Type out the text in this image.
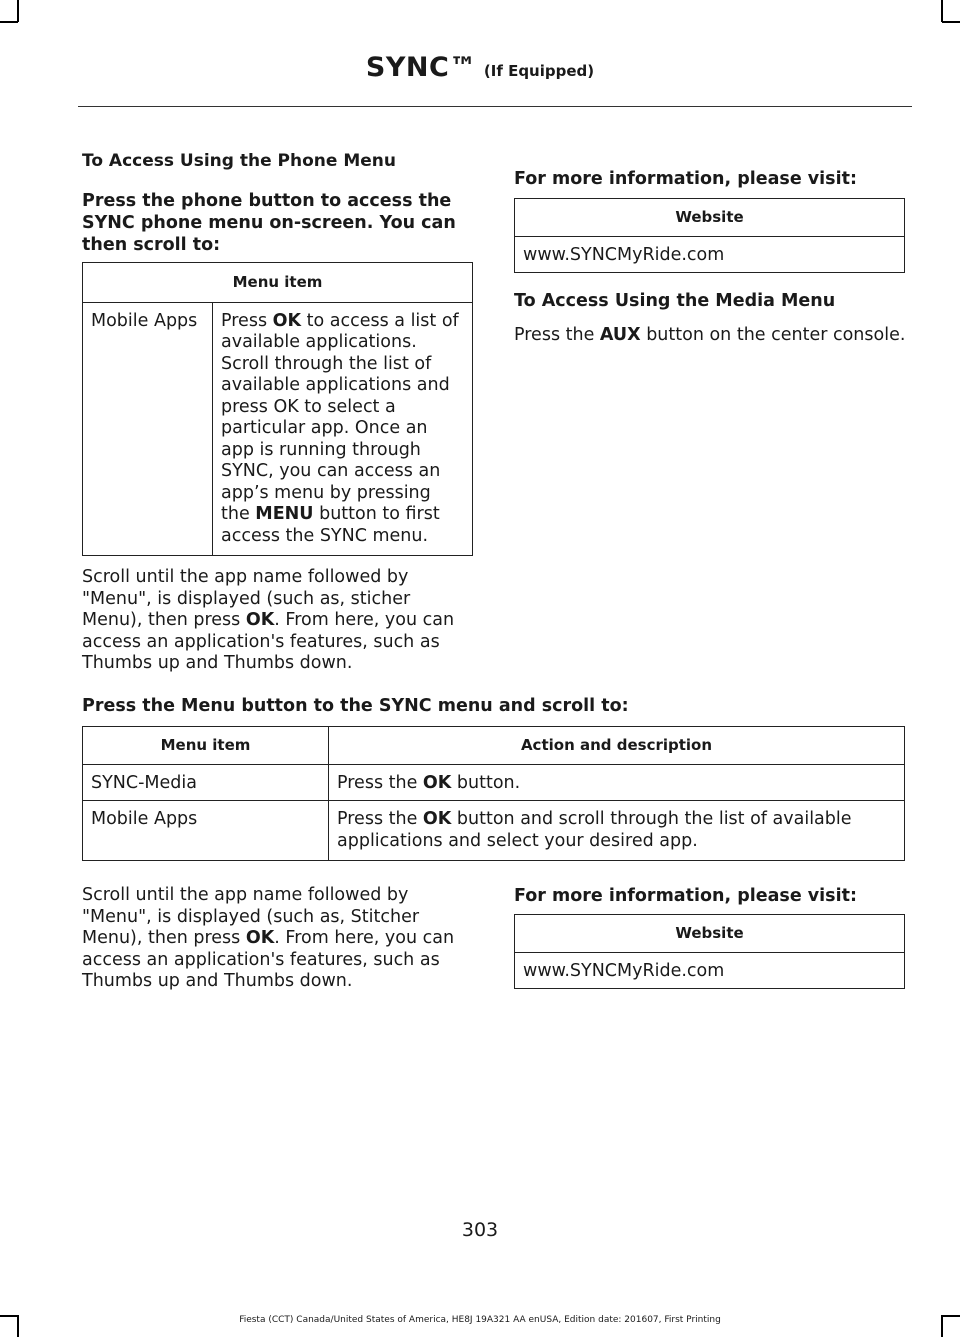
SYNC™ (If Equipped)

To Access Using the Phone Menu

Press the phone button to access the SYNC phone menu on-screen. You can then scroll to:

Menu item

Mobile Apps	Press OK to access a list of available applications. Scroll through the list of available applications and press OK to select a particular app. Once an app is running through SYNC, you can access an app’s menu by pressing the MENU button to first access the SYNC menu.

Scroll until the app name followed by "Menu", is displayed (such as, sticher Menu), then press OK. From here, you can access an application's features, such as Thumbs up and Thumbs down.

For more information, please visit:

Website

www.SYNCMyRide.com

To Access Using the Media Menu

Press the AUX button on the center console.

Press the Menu button to the SYNC menu and scroll to:

Menu item	Action and description

SYNC-Media	Press the OK button.

Mobile Apps	Press the OK button and scroll through the list of available applications and select your desired app.

Scroll until the app name followed by "Menu", is displayed (such as, Stitcher Menu), then press OK. From here, you can access an application's features, such as Thumbs up and Thumbs down.

For more information, please visit:

Website

www.SYNCMyRide.com
303
Fiesta (CCT) Canada/United States of America, HE8J 19A321 AA enUSA, Edition date: 201607, First Printing
